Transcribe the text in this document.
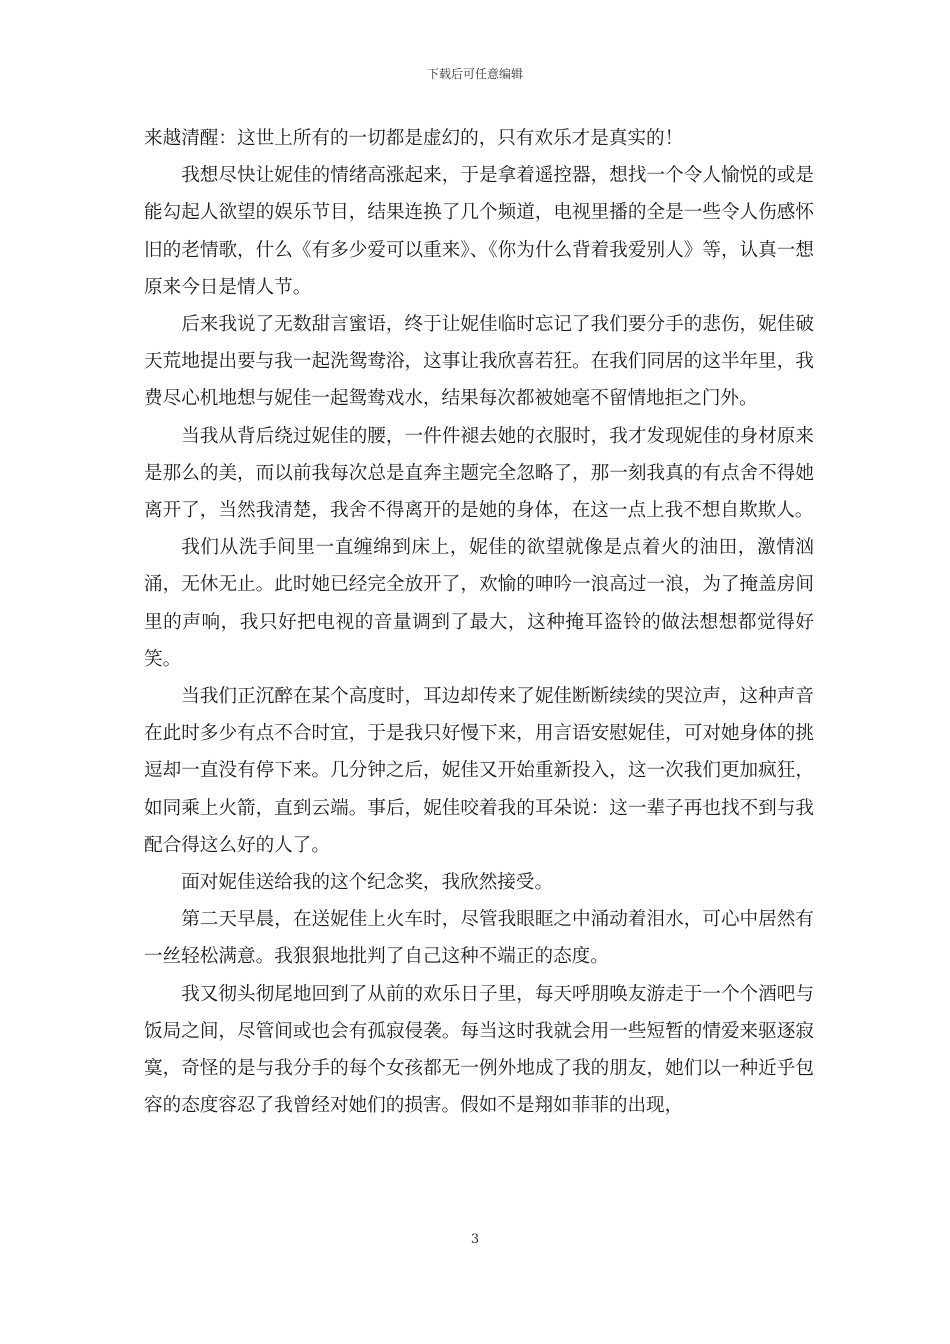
下载后可任意编辑

来越清醒：这世上所有的一切都是虚幻的，只有欢乐才是真实的！

我想尽快让妮佳的情绪高涨起来，于是拿着遥控器，想找一个令人愉悦的或是能勾起人欲望的娱乐节目，结果连换了几个频道，电视里播的全是一些令人伤感怀旧的老情歌，什么《有多少爱可以重来》、《你为什么背着我爱别人》等，认真一想原来今日是情人节。

后来我说了无数甜言蜜语，终于让妮佳临时忘记了我们要分手的悲伤，妮佳破天荒地提出要与我一起洗鸳鸯浴，这事让我欣喜若狂。在我们同居的这半年里，我费尽心机地想与妮佳一起鸳鸯戏水，结果每次都被她毫不留情地拒之门外。

当我从背后绕过妮佳的腰，一件件褪去她的衣服时，我才发现妮佳的身材原来是那么的美，而以前我每次总是直奔主题完全忽略了，那一刻我真的有点舍不得她离开了，当然我清楚，我舍不得离开的是她的身体，在这一点上我不想自欺欺人。

我们从洗手间里一直缠绵到床上，妮佳的欲望就像是点着火的油田，激情汹涌，无休无止。此时她已经完全放开了，欢愉的呻吟一浪高过一浪，为了掩盖房间里的声响，我只好把电视的音量调到了最大，这种掩耳盗铃的做法想想都觉得好笑。

当我们正沉醉在某个高度时，耳边却传来了妮佳断断续续的哭泣声，这种声音在此时多少有点不合时宜，于是我只好慢下来，用言语安慰妮佳，可对她身体的挑逗却一直没有停下来。几分钟之后，妮佳又开始重新投入，这一次我们更加疯狂，如同乘上火箭，直到云端。事后，妮佳咬着我的耳朵说：这一辈子再也找不到与我配合得这么好的人了。

面对妮佳送给我的这个纪念奖，我欣然接受。

第二天早晨，在送妮佳上火车时，尽管我眼眶之中涌动着泪水，可心中居然有一丝轻松满意。我狠狠地批判了自己这种不端正的态度。

我又彻头彻尾地回到了从前的欢乐日子里，每天呼朋唤友游走于一个个酒吧与饭局之间，尽管间或也会有孤寂侵袭。每当这时我就会用一些短暂的情爱来驱逐寂寞，奇怪的是与我分手的每个女孩都无一例外地成了我的朋友，她们以一种近乎包容的态度容忍了我曾经对她们的损害。假如不是翔如菲菲的出现，

3
